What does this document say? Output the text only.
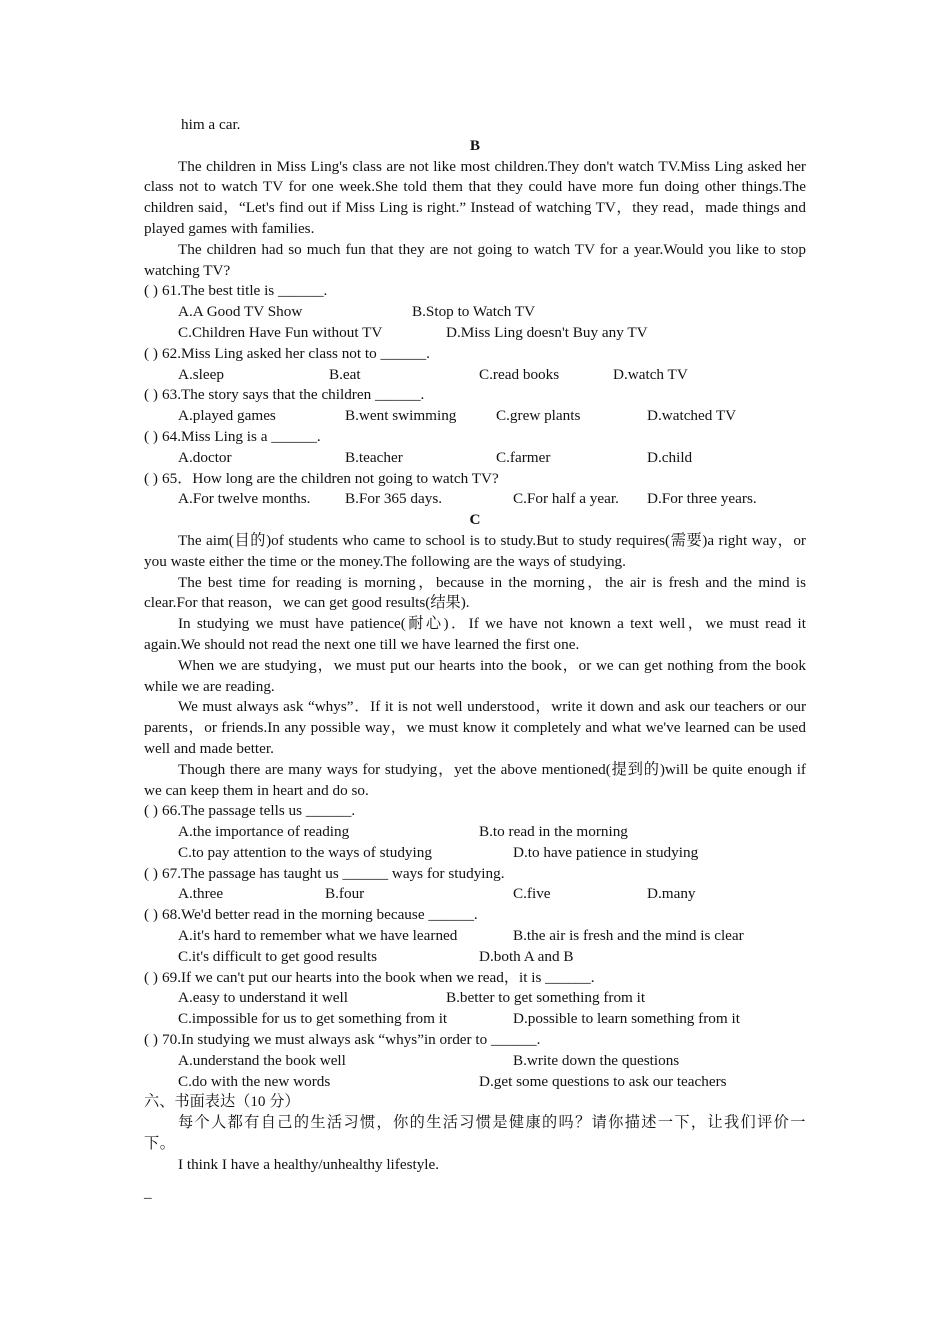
him a car.
B

The children in Miss Ling's class are not like most children.They don't watch TV.Miss Ling asked her class not to watch TV for one week.She told them that they could have more fun doing other things.The children said，“Let's find out if Miss Ling is right.” Instead of watching TV，they read，made things and played games with families.

The children had so much fun that they are not going to watch TV for a year.Would you like to stop watching TV?

( ) 61.The best title is ______.
A.A Good TV Show	B.Stop to Watch TV
C.Children Have Fun without TV	D.Miss Ling doesn't Buy any TV
( ) 62.Miss Ling asked her class not to ______.
A.sleep	B.eat	C.read books	D.watch TV
( ) 63.The story says that the children ______.
A.played games	B.went swimming	C.grew plants	D.watched TV
( ) 64.Miss Ling is a ______.
A.doctor	B.teacher	C.farmer	D.child
( ) 65．How long are the children not going to watch TV?
A.For twelve months. B.For 365 days.	C.For half a year. D.For three years.
C

The aim(目的)of students who came to school is to study.But to study requires(需要)a right way，or you waste either the time or the money.The following are the ways of studying.

The best time for reading is morning，because in the morning，the air is fresh and the mind is clear.For that reason，we can get good results(结果).

In studying we must have patience(耐心)．If we have not known a text well，we must read it again.We should not read the next one till we have learned the first one.

When we are studying，we must put our hearts into the book，or we can get nothing from the book while we are reading.

We must always ask “whys”．If it is not well understood，write it down and ask our teachers or our parents，or friends.In any possible way，we must know it completely and what we've learned can be used well and made better.

Though there are many ways for studying，yet the above mentioned(提到的)will be quite enough if we can keep them in heart and do so.

( ) 66.The passage tells us ______.
A.the importance of reading	B.to read in the morning
C.to pay attention to the ways of studying	D.to have patience in studying
( ) 67.The passage has taught us ______ ways for studying.
A.three	B.four	C.five	D.many
( ) 68.We'd better read in the morning because ______.
A.it's hard to remember what we have learned	B.the air is fresh and the mind is clear
C.it's difficult to get good results	D.both A and B
( ) 69.If we can't put our hearts into the book when we read，it is ______.
A.easy to understand it well	B.better to get something from it
C.impossible for us to get something from it	D.possible to learn something from it
( ) 70.In studying we must always ask “whys”in order to ______.
A.understand the book well	B.write down the questions
C.do with the new words	D.get some questions to ask our teachers
六、书面表达（10 分）

每个人都有自己的生活习惯，你的生活习惯是健康的吗？请你描述一下，让我们评价一下。

I think I have a healthy/unhealthy lifestyle.
_
